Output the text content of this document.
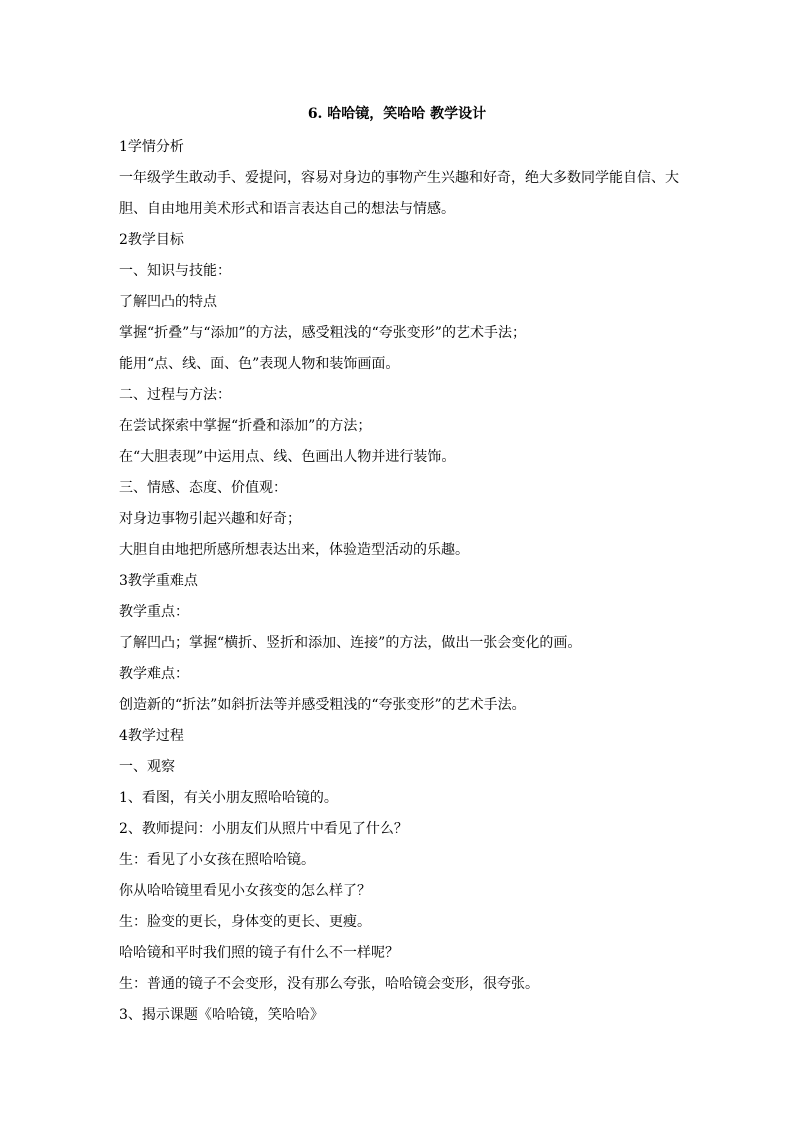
6. 哈哈镜，笑哈哈 教学设计

1学情分析

一年级学生敢动手、爱提问，容易对身边的事物产生兴趣和好奇，绝大多数同学能自信、大胆、自由地用美术形式和语言表达自己的想法与情感。

2教学目标

一、知识与技能：

了解凹凸的特点

掌握“折叠”与“添加”的方法，感受粗浅的“夸张变形”的艺术手法；

能用“点、线、面、色”表现人物和装饰画面。

二、过程与方法：

在尝试探索中掌握“折叠和添加”的方法；

在“大胆表现”中运用点、线、色画出人物并进行装饰。

三、情感、态度、价值观：

对身边事物引起兴趣和好奇；

大胆自由地把所感所想表达出来，体验造型活动的乐趣。

3教学重难点

教学重点：

了解凹凸；掌握“横折、竖折和添加、连接”的方法，做出一张会变化的画。

教学难点：

创造新的“折法”如斜折法等并感受粗浅的“夸张变形”的艺术手法。

4教学过程

一、观察

1、看图，有关小朋友照哈哈镜的。

2、教师提问：小朋友们从照片中看见了什么？

生：看见了小女孩在照哈哈镜。

你从哈哈镜里看见小女孩变的怎么样了？

生：脸变的更长，身体变的更长、更瘦。

哈哈镜和平时我们照的镜子有什么不一样呢？

生：普通的镜子不会变形，没有那么夸张，哈哈镜会变形，很夸张。

3、揭示课题《哈哈镜，笑哈哈》
